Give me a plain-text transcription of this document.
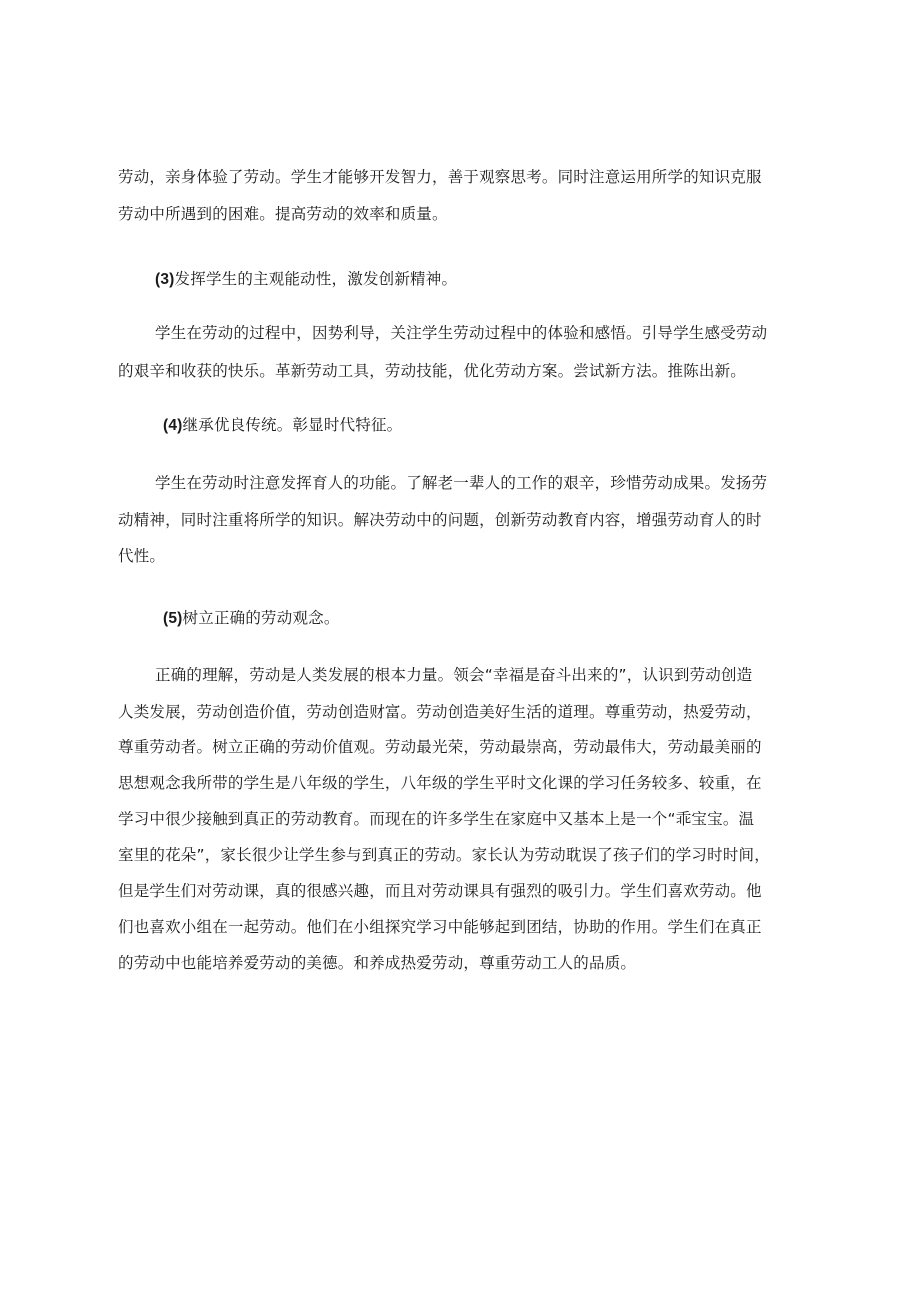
劳动，亲身体验了劳动。学生才能够开发智力，善于观察思考。同时注意运用所学的知识克服
劳动中所遇到的困难。提高劳动的效率和质量。
(3)发挥学生的主观能动性，激发创新精神。
学生在劳动的过程中，因势利导，关注学生劳动过程中的体验和感悟。引导学生感受劳动
的艰辛和收获的快乐。革新劳动工具，劳动技能，优化劳动方案。尝试新方法。推陈出新。
(4)继承优良传统。彰显时代特征。
学生在劳动时注意发挥育人的功能。了解老一辈人的工作的艰辛，珍惜劳动成果。发扬劳
动精神，同时注重将所学的知识。解决劳动中的问题，创新劳动教育内容，增强劳动育人的时
代性。
(5)树立正确的劳动观念。
正确的理解，劳动是人类发展的根本力量。领会“幸福是奋斗出来的”，认识到劳动创造
人类发展，劳动创造价值，劳动创造财富。劳动创造美好生活的道理。尊重劳动，热爱劳动，
尊重劳动者。树立正确的劳动价值观。劳动最光荣，劳动最崇高，劳动最伟大，劳动最美丽的
思想观念我所带的学生是八年级的学生，八年级的学生平时文化课的学习任务较多、较重，在
学习中很少接触到真正的劳动教育。而现在的许多学生在家庭中又基本上是一个“乖宝宝。温
室里的花朵”，家长很少让学生参与到真正的劳动。家长认为劳动耽误了孩子们的学习时时间，
但是学生们对劳动课，真的很感兴趣，而且对劳动课具有强烈的吸引力。学生们喜欢劳动。他
们也喜欢小组在一起劳动。他们在小组探究学习中能够起到团结，协助的作用。学生们在真正
的劳动中也能培养爱劳动的美德。和养成热爱劳动，尊重劳动工人的品质。
